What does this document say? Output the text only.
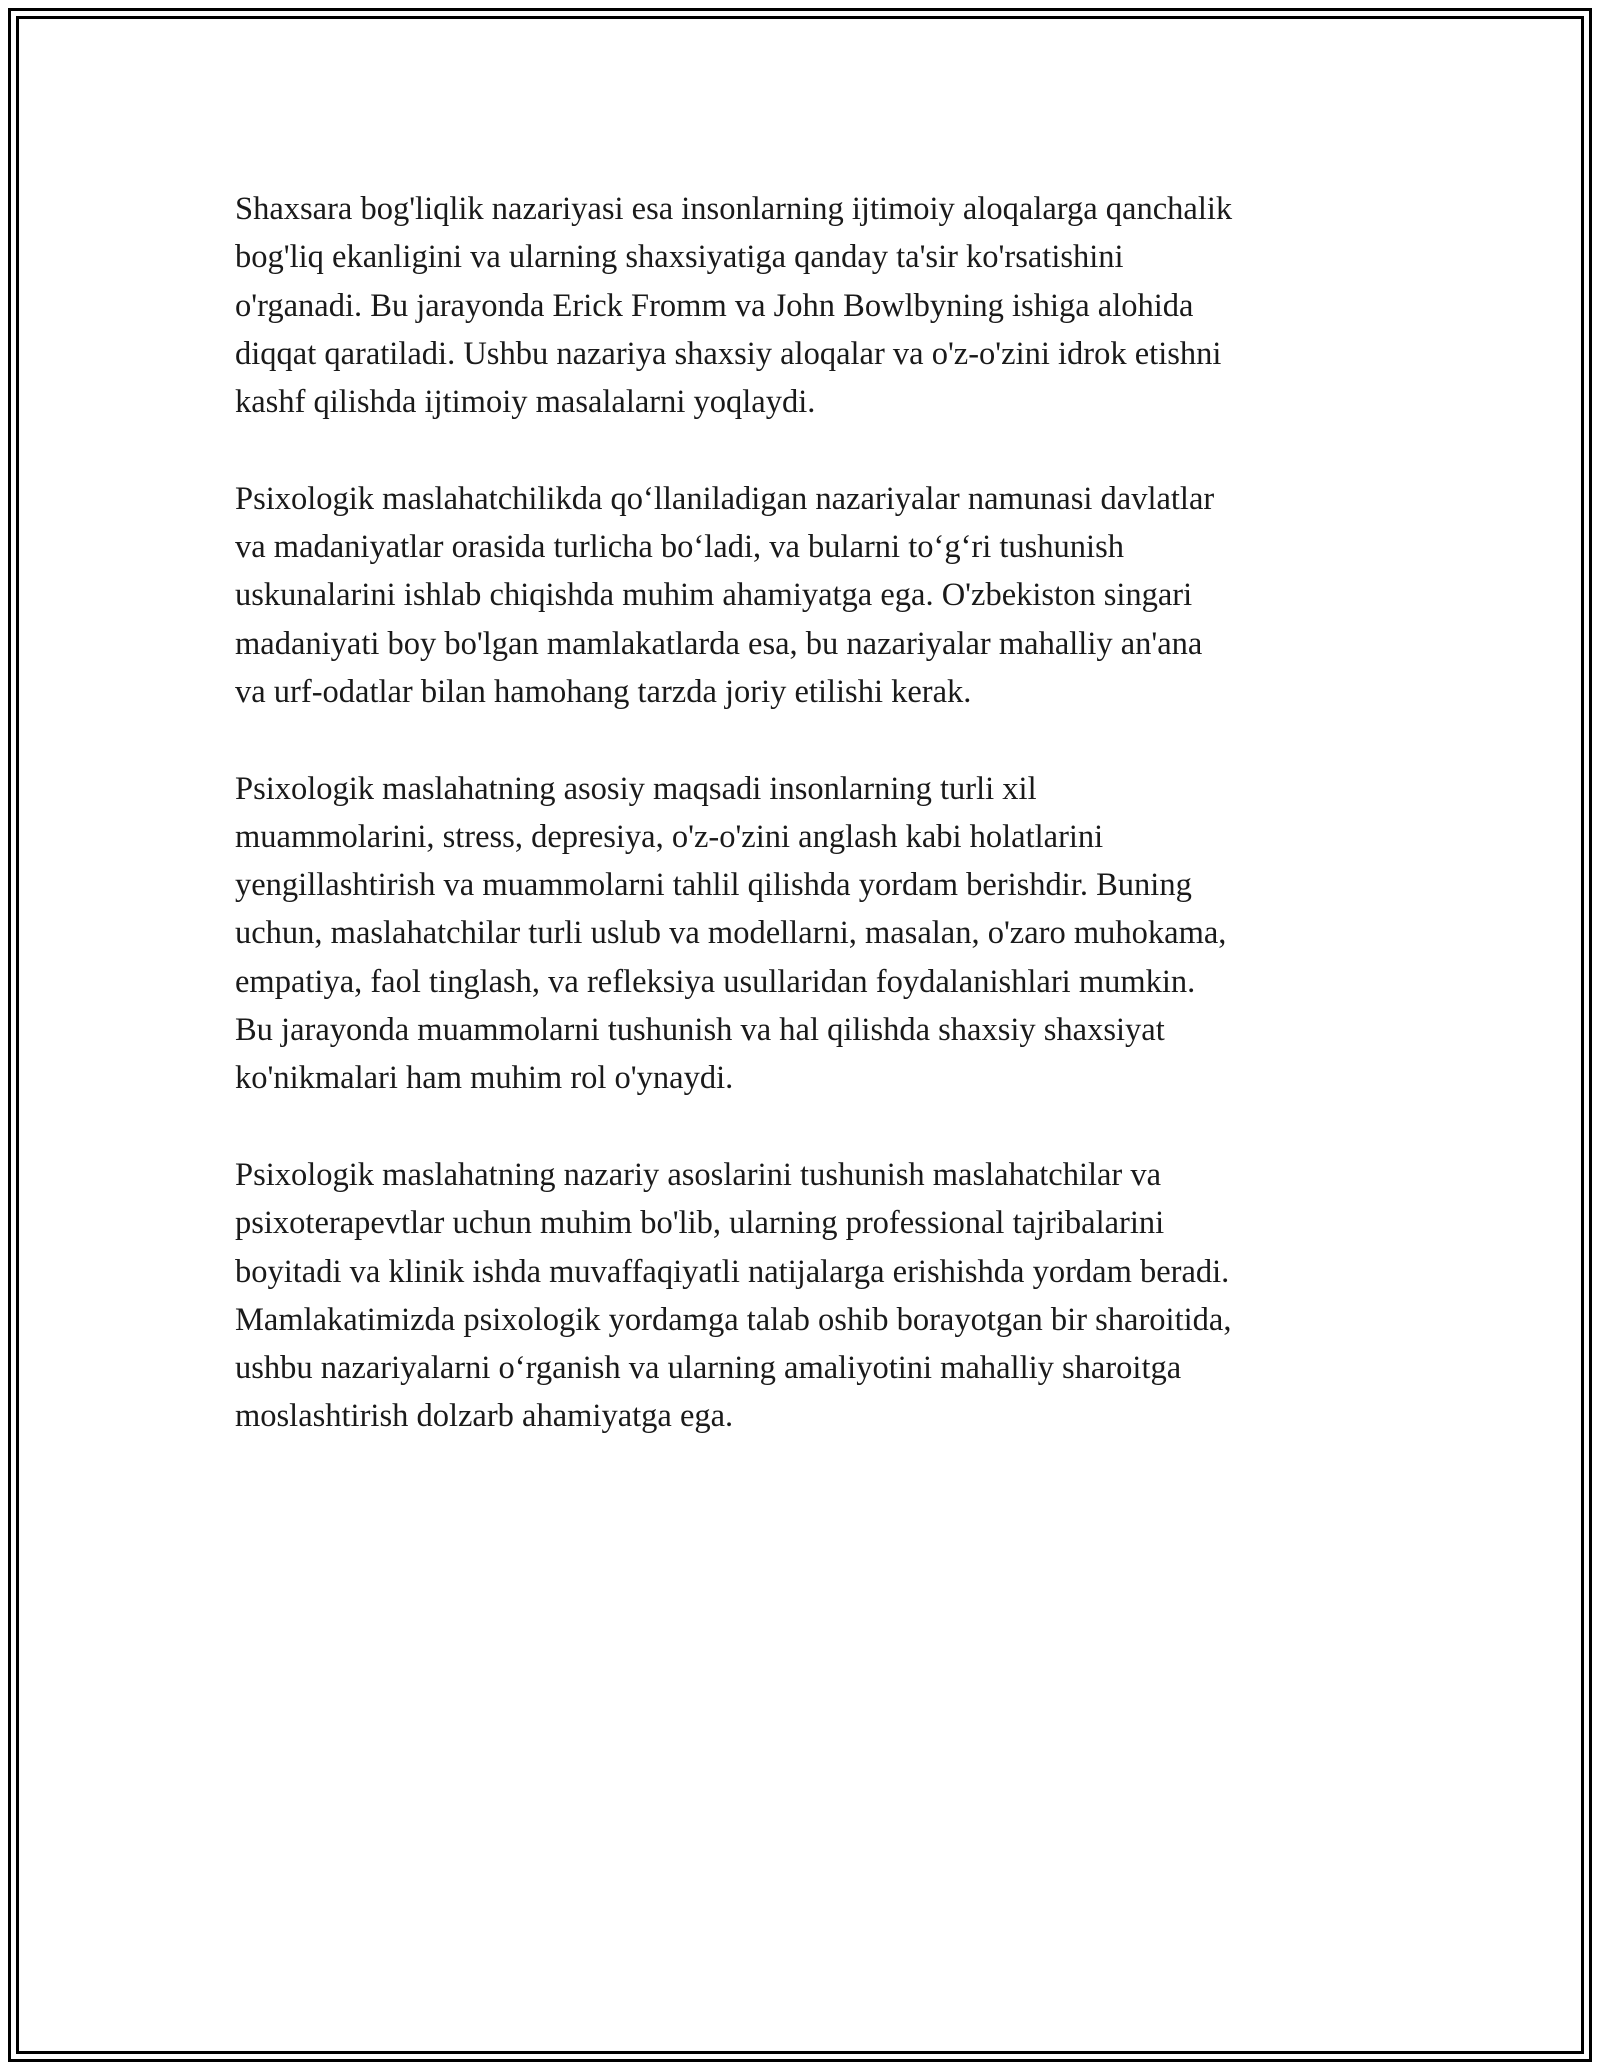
Shaxsara bog'liqlik nazariyasi esa insonlarning ijtimoiy aloqalarga qanchalik
bog'liq ekanligini va ularning shaxsiyatiga qanday ta'sir ko'rsatishini
o'rganadi. Bu jarayonda Erick Fromm va John Bowlbyning ishiga alohida
diqqat qaratiladi. Ushbu nazariya shaxsiy aloqalar va o'z-o'zini idrok etishni
kashf qilishda ijtimoiy masalalarni yoqlaydi.

Psixologik maslahatchilikda qo‘llaniladigan nazariyalar namunasi davlatlar
va madaniyatlar orasida turlicha bo‘ladi, va bularni to‘g‘ri tushunish
uskunalarini ishlab chiqishda muhim ahamiyatga ega. O'zbekiston singari
madaniyati boy bo'lgan mamlakatlarda esa, bu nazariyalar mahalliy an'ana
va urf-odatlar bilan hamohang tarzda joriy etilishi kerak.

Psixologik maslahatning asosiy maqsadi insonlarning turli xil
muammolarini, stress, depresiya, o'z-o'zini anglash kabi holatlarini
yengillashtirish va muammolarni tahlil qilishda yordam berishdir. Buning
uchun, maslahatchilar turli uslub va modellarni, masalan, o'zaro muhokama,
empatiya, faol tinglash, va refleksiya usullaridan foydalanishlari mumkin.
Bu jarayonda muammolarni tushunish va hal qilishda shaxsiy shaxsiyat
ko'nikmalari ham muhim rol o'ynaydi.

Psixologik maslahatning nazariy asoslarini tushunish maslahatchilar va
psixoterapevtlar uchun muhim bo'lib, ularning professional tajribalarini
boyitadi va klinik ishda muvaffaqiyatli natijalarga erishishda yordam beradi.
Mamlakatimizda psixologik yordamga talab oshib borayotgan bir sharoitida,
ushbu nazariyalarni o‘rganish va ularning amaliyotini mahalliy sharoitga
moslashtirish dolzarb ahamiyatga ega.
